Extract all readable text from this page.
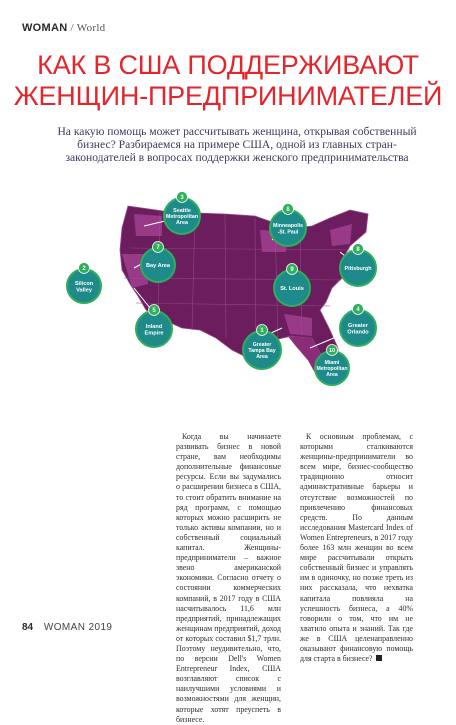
WOMAN / World
КАК В США ПОДДЕРЖИВАЮТ
ЖЕНЩИН-ПРЕДПРИНИМАТЕЛЕЙ

На какую помощь может рассчитывать женщина, открывая собственный бизнес? Разбираемся на примере США, одной из главных стран-законодателей в вопросах поддержки женского предпринимательства

3
Seattle Metropolitan Area
7
Bay Area
2
Silicon Valley
5
Inland Empire
6
Minneapolis -St. Paul
8
Pittsburgh
9
St. Louis
1
Greater Tampa Bay Area
4
Greater Orlando
10
Miami Metropolitan Area

Когда вы начинаете развивать бизнес в новой стране, вам необходимы дополнительные финансовые ресурсы. Если вы задумались о расширении бизнеса в США, то стоит обратить внимание на ряд программ, с помощью которых можно расширить не только активы компании, но и собственный социальный капитал. Женщины-предприниматели – важное звено американской экономики. Согласно отчету о состоянии коммерческих компаний, в 2017 году в США насчитывалось 11,6 млн предприятий, принадлежащих женщинам предприятий, доход от которых составил $1,7 трлн. Поэтому неудивительно, что, по версии Dell's Women Entrepreneur Index, США возглавляют список с наилучшими условиями и возможностями для женщин, которые хотят преуспеть в бизнесе.

К основным проблемам, с которыми сталкиваются женщины-предприниматели во всем мире, бизнес-сообщество традиционно относит административные барьеры и отсутствие возможностей по привлечению финансовых средств. По данным исследования Mastercard Index of Women Entrepreneurs, в 2017 году более 163 млн женщин во всем мире рассчитывали открыть собственный бизнес и управлять им в одиночку, но позже треть из них рассказала, что нехватка капитала повлияла на успешность бизнеса, а 40% говорили о том, что им не хватило опыта и знаний. Так где же в США целенаправленно оказывают финансовую помощь для старта в бизнесе?

84 WOMAN 2019
